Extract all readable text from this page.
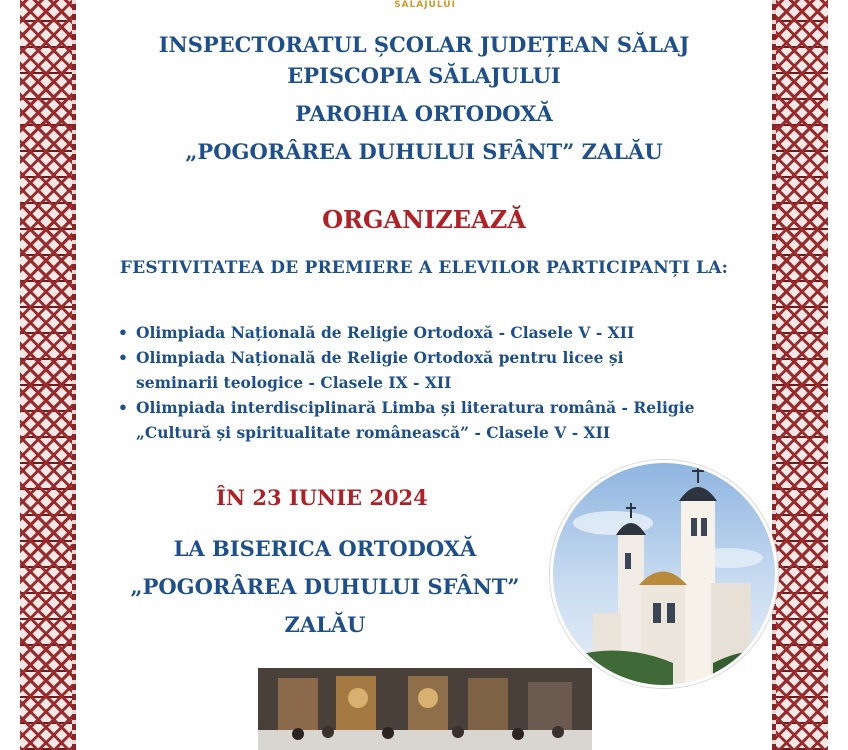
SĂLAJULUI
INSPECTORATUL ȘCOLAR JUDEȚEAN SĂLAJ
EPISCOPIA SĂLAJULUI
PAROHIA ORTODOXĂ
„POGORÂREA DUHULUI SFÂNT” ZALĂU
ORGANIZEAZĂ
FESTIVITATEA DE PREMIERE A ELEVILOR PARTICIPANȚI LA:
• Olimpiada Națională de Religie Ortodoxă - Clasele V - XII
• Olimpiada Națională de Religie Ortodoxă pentru licee și
seminarii teologice - Clasele IX - XII
• Olimpiada interdisciplinară Limba și literatura română - Religie
„Cultură și spiritualitate românească” - Clasele V - XII
ÎN 23 IUNIE 2024
LA BISERICA ORTODOXĂ
„POGORÂREA DUHULUI SFÂNT”
ZALĂU
